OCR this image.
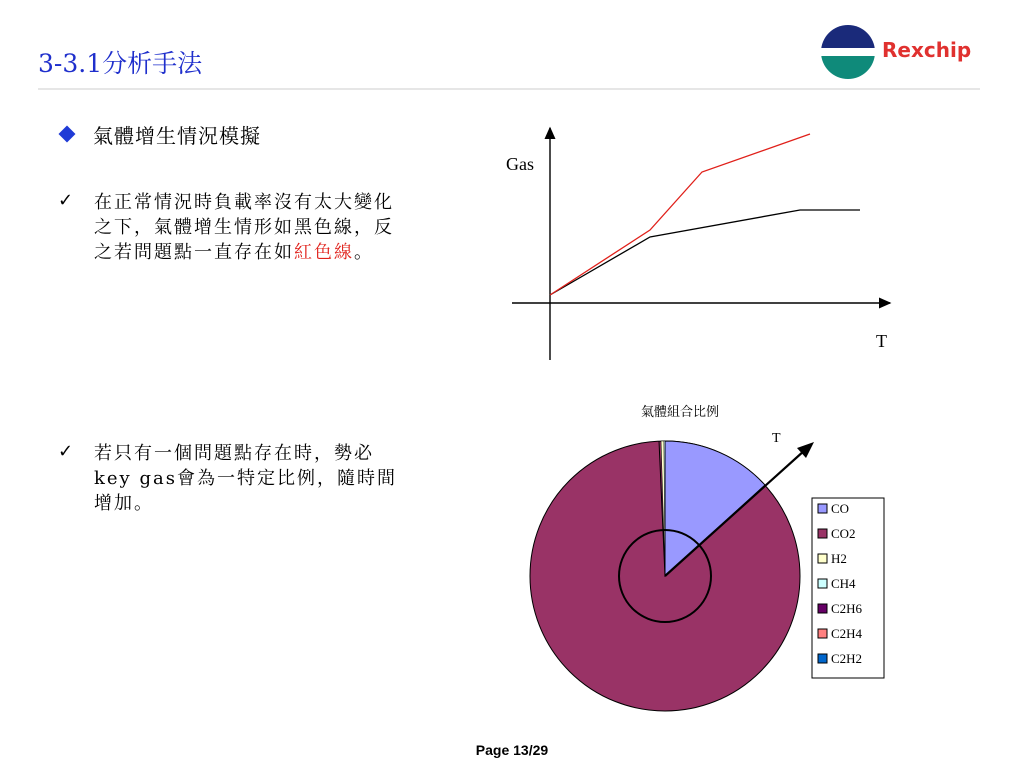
3-3.1分析手法	Rexchip
氣體增生情況模擬
✓	在正常情況時負載率沒有太大變化
之下，氣體增生情形如黑色線，反
之若問題點一直存在如紅色線。
✓	若只有一個問題點存在時，勢必
key gas會為一特定比例，隨時間
增加。
Gas
T
氣體組合比例
T
CO
CO2
H2
CH4
C2H6
C2H4
C2H2
Page 13/29
